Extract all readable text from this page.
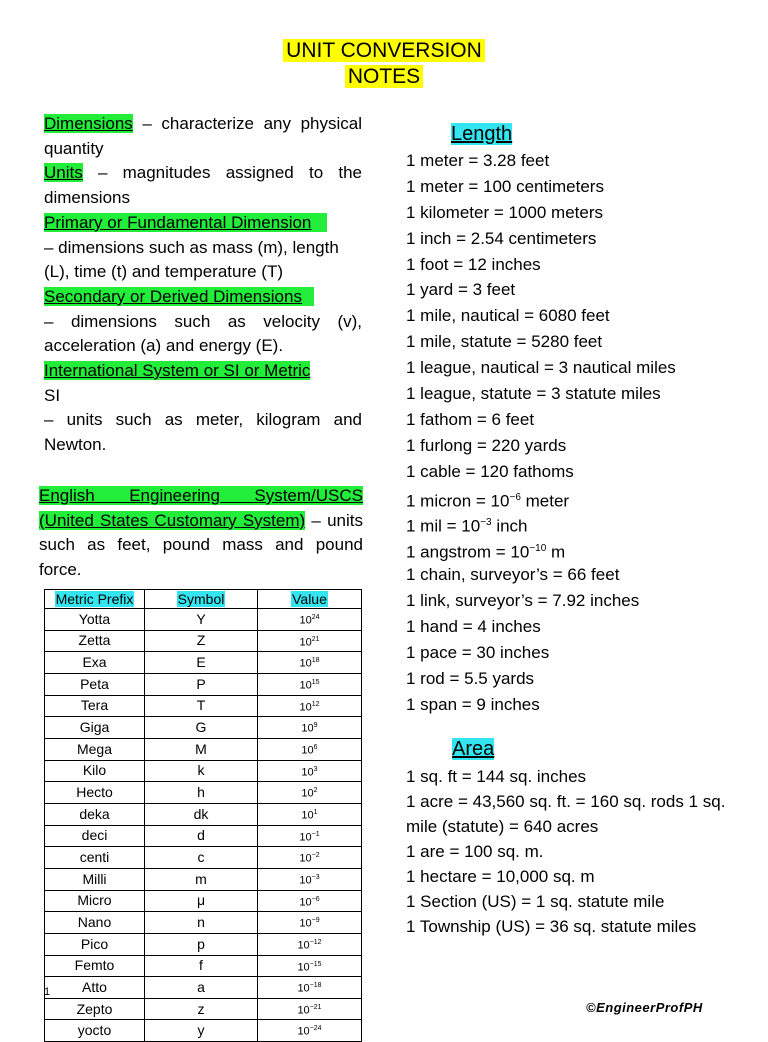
UNIT CONVERSION
NOTES

Dimensions – characterize any physical quantity

Units – magnitudes assigned to the dimensions

Primary or Fundamental Dimension

– dimensions such as mass (m), length (L), time (t) and temperature (T)

Secondary or Derived Dimensions

– dimensions such as velocity (v), acceleration (a) and energy (E).

International System or SI or Metric

SI

– units such as meter, kilogram and Newton.

English Engineering System/USCS (United States Customary System) – units such as feet, pound mass and pound force.

Metric Prefix	Symbol	Value
Yotta	Y	$10^{24}$
Zetta	Z	$10^{21}$
Exa	E	$10^{18}$
Peta	P	$10^{15}$
Tera	T	$10^{12}$
Giga	G	$10^9$
Mega	M	$10^6$
Kilo	k	$10^3$
Hecto	h	$10^2$
deka	dk	$10^1$
deci	d	$10^{-1}$
centi	c	$10^{-2}$
Milli	m	$10^{-3}$
Micro	μ	$10^{-6}$
Nano	n	$10^{-9}$
Pico	p	$10^{-12}$
Femto	f	$10^{-15}$
Atto	a	$10^{-18}$
Zepto	z	$10^{-21}$
yocto	y	$10^{-24}$
Length
1 meter = 3.28 feet
1 meter = 100 centimeters
1 kilometer = 1000 meters
1 inch = 2.54 centimeters
1 foot = 12 inches
1 yard = 3 feet
1 mile, nautical = 6080 feet
1 mile, statute = 5280 feet
1 league, nautical = 3 nautical miles
1 league, statute = 3 statute miles
1 fathom = 6 feet
1 furlong = 220 yards
1 cable = 120 fathoms
1 micron = $10^{-6}$ meter
1 mil = $10^{-3}$ inch
1 angstrom = $10^{-10}$ m
1 chain, surveyor’s = 66 feet
1 link, surveyor’s = 7.92 inches
1 hand = 4 inches
1 pace = 30 inches
1 rod = 5.5 yards
1 span = 9 inches
Area
1 sq. ft = 144 sq. inches
1 acre = 43,560 sq. ft. = 160 sq. rods 1 sq. mile (statute) = 640 acres
1 are = 100 sq. m.
1 hectare = 10,000 sq. m
1 Section (US) = 1 sq. statute mile
1 Township (US) = 36 sq. statute miles
1
©EngineerProfPH
